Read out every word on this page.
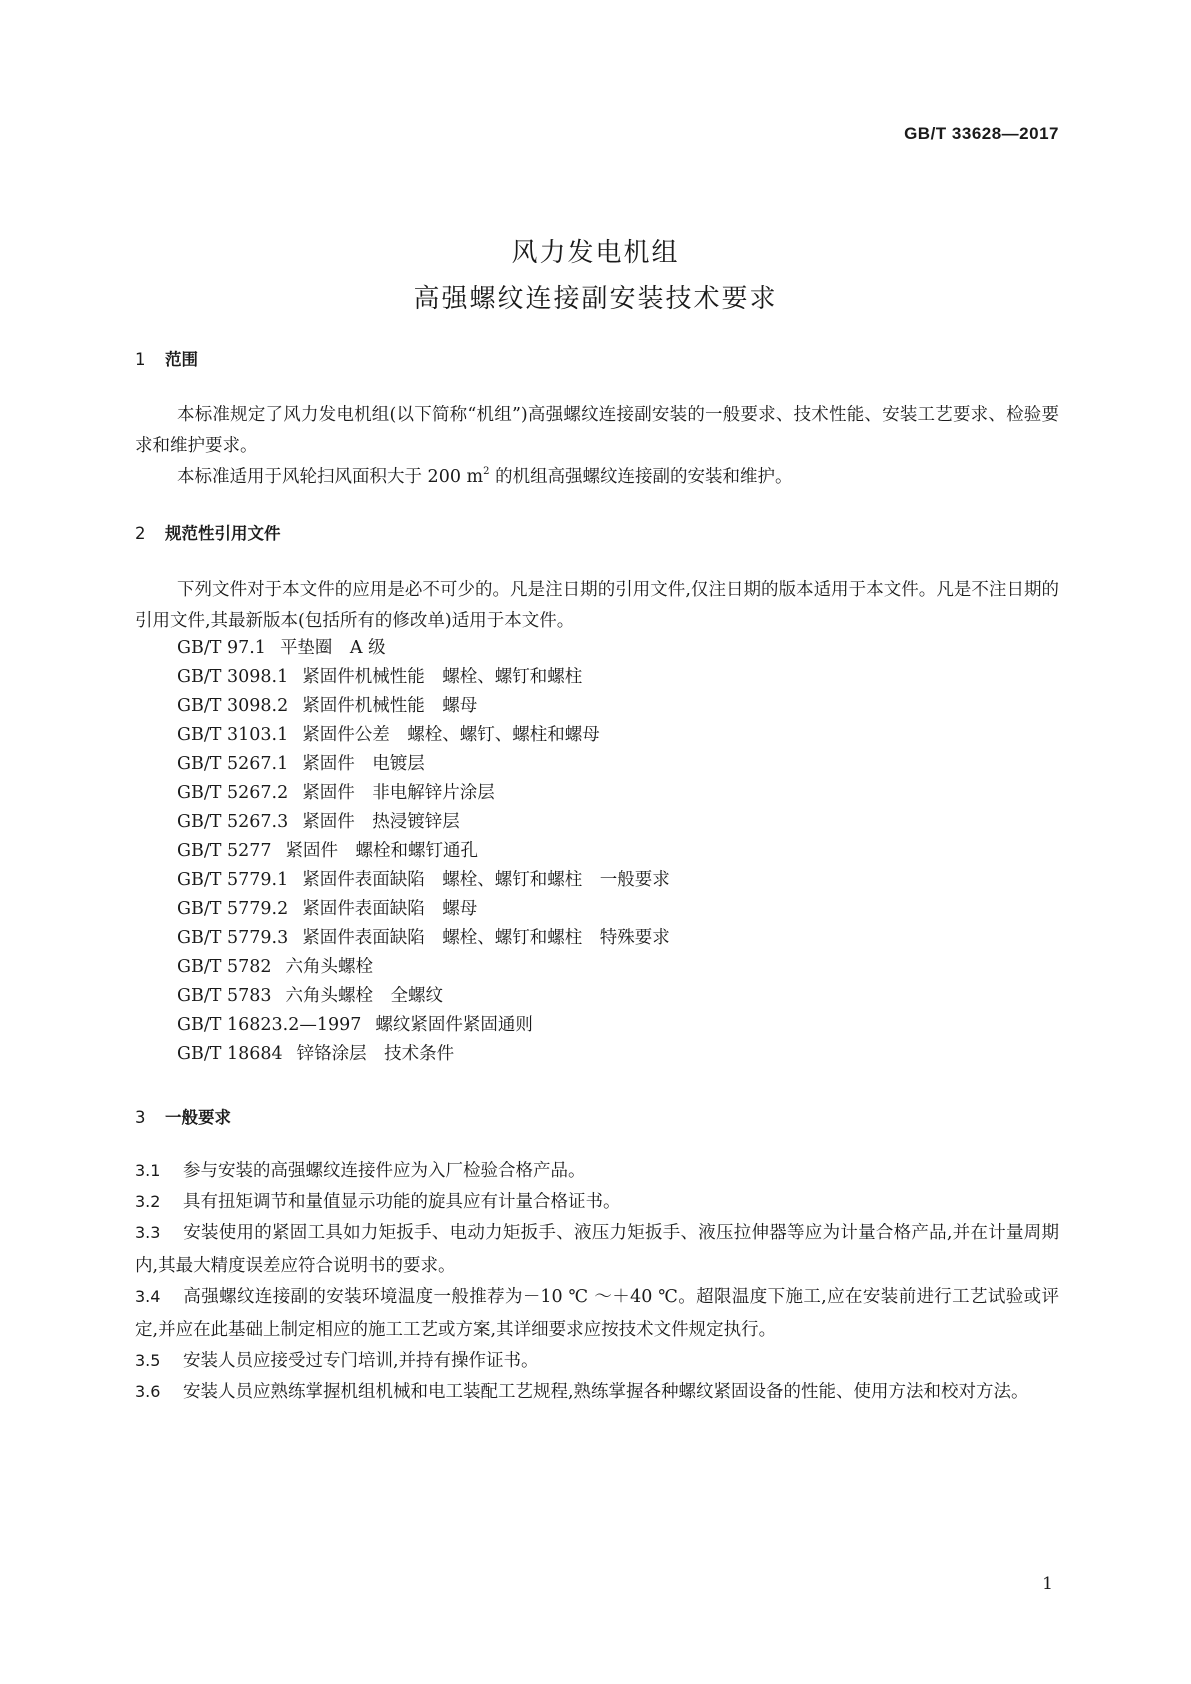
GB/T 33628—2017
风力发电机组
高强螺纹连接副安装技术要求
1 范围
本标准规定了风力发电机组(以下简称“机组”)高强螺纹连接副安装的一般要求、技术性能、安装工艺要求、检验要求和维护要求。
本标准适用于风轮扫风面积大于 200 $m^2$ 的机组高强螺纹连接副的安装和维护。
2 规范性引用文件
下列文件对于本文件的应用是必不可少的。凡是注日期的引用文件,仅注日期的版本适用于本文件。凡是不注日期的引用文件,其最新版本(包括所有的修改单)适用于本文件。
GB/T 97.1 平垫圈　A 级
GB/T 3098.1 紧固件机械性能　螺栓、螺钉和螺柱
GB/T 3098.2 紧固件机械性能　螺母
GB/T 3103.1 紧固件公差　螺栓、螺钉、螺柱和螺母
GB/T 5267.1 紧固件　电镀层
GB/T 5267.2 紧固件　非电解锌片涂层
GB/T 5267.3 紧固件　热浸镀锌层
GB/T 5277 紧固件　螺栓和螺钉通孔
GB/T 5779.1 紧固件表面缺陷　螺栓、螺钉和螺柱　一般要求
GB/T 5779.2 紧固件表面缺陷　螺母
GB/T 5779.3 紧固件表面缺陷　螺栓、螺钉和螺柱　特殊要求
GB/T 5782 六角头螺栓
GB/T 5783 六角头螺栓　全螺纹
GB/T 16823.2—1997 螺纹紧固件紧固通则
GB/T 18684 锌铬涂层　技术条件
3 一般要求
3.1 参与安装的高强螺纹连接件应为入厂检验合格产品。
3.2 具有扭矩调节和量值显示功能的旋具应有计量合格证书。
3.3 安装使用的紧固工具如力矩扳手、电动力矩扳手、液压力矩扳手、液压拉伸器等应为计量合格产品,并在计量周期内,其最大精度误差应符合说明书的要求。
3.4 高强螺纹连接副的安装环境温度一般推荐为－10 ℃ ～＋40 ℃。超限温度下施工,应在安装前进行工艺试验或评定,并应在此基础上制定相应的施工工艺或方案,其详细要求应按技术文件规定执行。
3.5 安装人员应接受过专门培训,并持有操作证书。
3.6 安装人员应熟练掌握机组机械和电工装配工艺规程,熟练掌握各种螺纹紧固设备的性能、使用方法和校对方法。
1
